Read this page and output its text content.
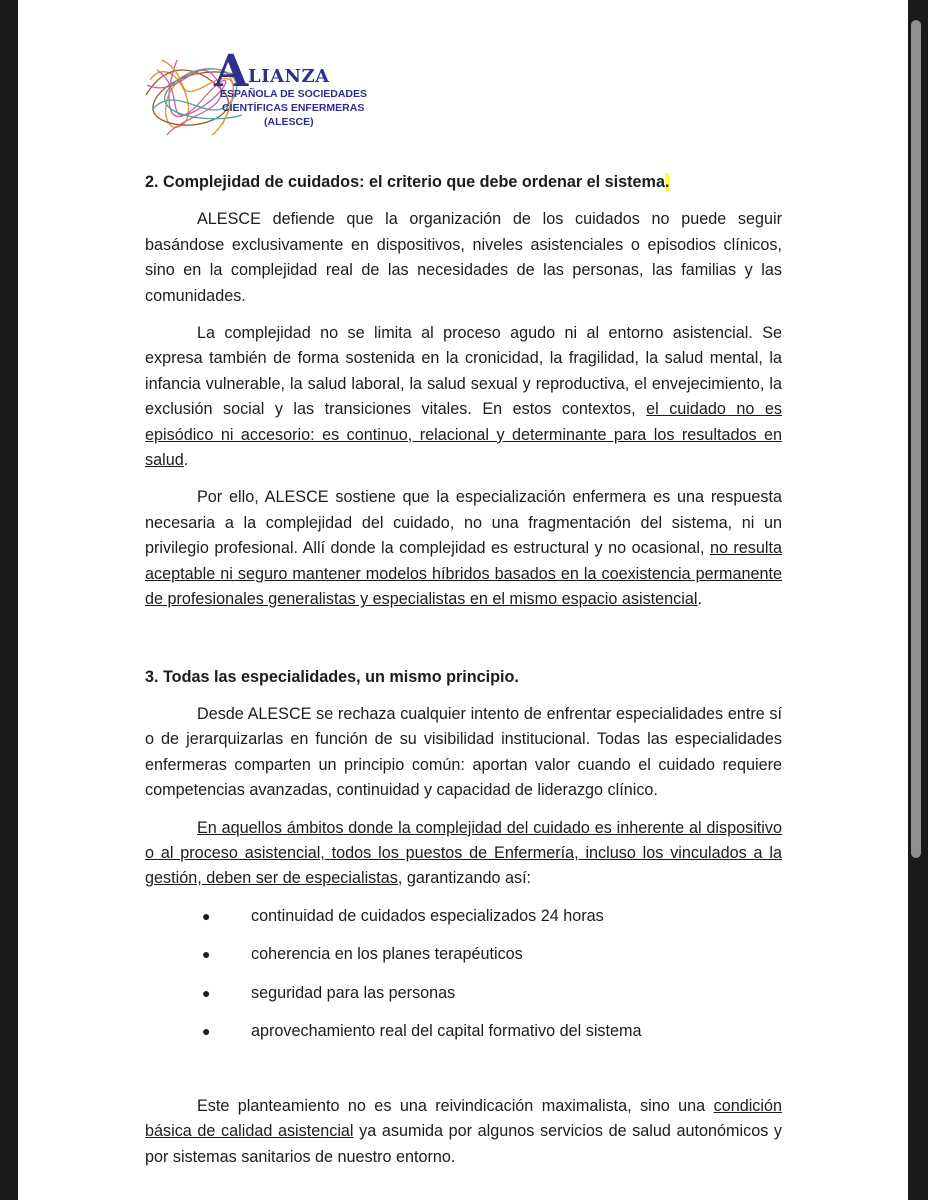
A LIANZA
ESPAÑOLA DE SOCIEDADES
CIENTÍFICAS ENFERMERAS
(ALESCE)
2. Complejidad de cuidados: el criterio que debe ordenar el sistema.

ALESCE defiende que la organización de los cuidados no puede seguir basándose exclusivamente en dispositivos, niveles asistenciales o episodios clínicos, sino en la complejidad real de las necesidades de las personas, las familias y las comunidades.

La complejidad no se limita al proceso agudo ni al entorno asistencial. Se expresa también de forma sostenida en la cronicidad, la fragilidad, la salud mental, la infancia vulnerable, la salud laboral, la salud sexual y reproductiva, el envejecimiento, la exclusión social y las transiciones vitales. En estos contextos, el cuidado no es episódico ni accesorio: es continuo, relacional y determinante para los resultados en salud.

Por ello, ALESCE sostiene que la especialización enfermera es una respuesta necesaria a la complejidad del cuidado, no una fragmentación del sistema, ni un privilegio profesional. Allí donde la complejidad es estructural y no ocasional, no resulta aceptable ni seguro mantener modelos híbridos basados en la coexistencia permanente de profesionales generalistas y especialistas en el mismo espacio asistencial.

3. Todas las especialidades, un mismo principio.

Desde ALESCE se rechaza cualquier intento de enfrentar especialidades entre sí o de jerarquizarlas en función de su visibilidad institucional. Todas las especialidades enfermeras comparten un principio común: aportan valor cuando el cuidado requiere competencias avanzadas, continuidad y capacidad de liderazgo clínico.

En aquellos ámbitos donde la complejidad del cuidado es inherente al dispositivo o al proceso asistencial, todos los puestos de Enfermería, incluso los vinculados a la gestión, deben ser de especialistas, garantizando así:

●	continuidad de cuidados especializados 24 horas
●	coherencia en los planes terapéuticos
●	seguridad para las personas
●	aprovechamiento real del capital formativo del sistema

Este planteamiento no es una reivindicación maximalista, sino una condición básica de calidad asistencial ya asumida por algunos servicios de salud autonómicos y por sistemas sanitarios de nuestro entorno.
